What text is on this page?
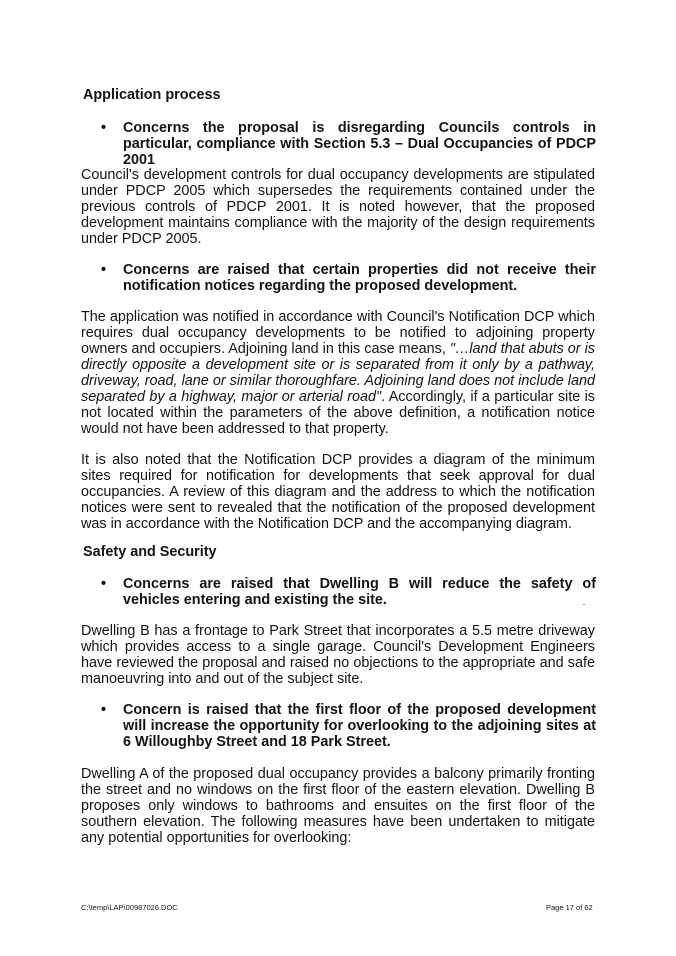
Application process
• Concerns the proposal is disregarding Councils controls in particular, compliance with Section 5.3 – Dual Occupancies of PDCP 2001

Council's development controls for dual occupancy developments are stipulated under PDCP 2005 which supersedes the requirements contained under the previous controls of PDCP 2001. It is noted however, that the proposed development maintains compliance with the majority of the design requirements under PDCP 2005.

• Concerns are raised that certain properties did not receive their notification notices regarding the proposed development.

The application was notified in accordance with Council's Notification DCP which requires dual occupancy developments to be notified to adjoining property owners and occupiers. Adjoining land in this case means, "…land that abuts or is directly opposite a development site or is separated from it only by a pathway, driveway, road, lane or similar thoroughfare. Adjoining land does not include land separated by a highway, major or arterial road". Accordingly, if a particular site is not located within the parameters of the above definition, a notification notice would not have been addressed to that property.

It is also noted that the Notification DCP provides a diagram of the minimum sites required for notification for developments that seek approval for dual occupancies. A review of this diagram and the address to which the notification notices were sent to revealed that the notification of the proposed development was in accordance with the Notification DCP and the accompanying diagram.

Safety and Security
• Concerns are raised that Dwelling B will reduce the safety of vehicles entering and existing the site.

Dwelling B has a frontage to Park Street that incorporates a 5.5 metre driveway which provides access to a single garage. Council's Development Engineers have reviewed the proposal and raised no objections to the appropriate and safe manoeuvring into and out of the subject site.

• Concern is raised that the first floor of the proposed development will increase the opportunity for overlooking to the adjoining sites at 6 Willoughby Street and 18 Park Street.

Dwelling A of the proposed dual occupancy provides a balcony primarily fronting the street and no windows on the first floor of the eastern elevation. Dwelling B proposes only windows to bathrooms and ensuites on the first floor of the southern elevation. The following measures have been undertaken to mitigate any potential opportunities for overlooking:

C:\temp\LAP\00987026.DOC	Page 17 of 62
